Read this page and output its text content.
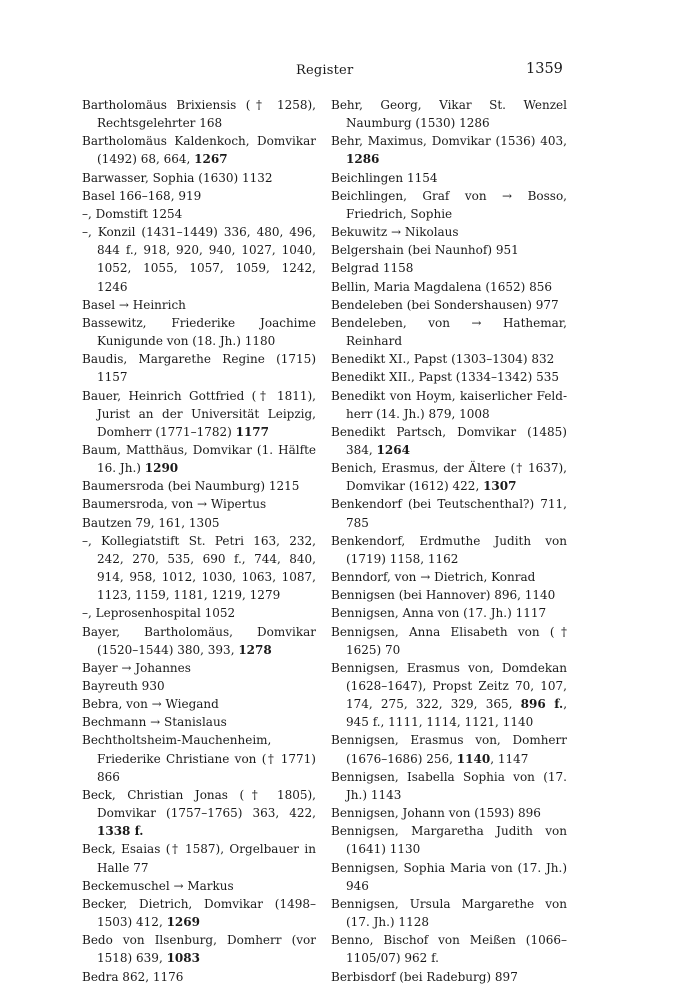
Register	1359
Bartholomäus Brixiensis († 1258), Rechtsgelehrter 168
Bartholomäus Kaldenkoch, Domvikar (1492) 68, 664, 1267
Barwasser, Sophia (1630) 1132
Basel 166–168, 919
–, Domstift 1254
–, Konzil (1431–1449) 336, 480, 496, 844 f., 918, 920, 940, 1027, 1040, 1052, 1055, 1057, 1059, 1242, 1246
Basel → Heinrich
Bassewitz, Friederike Joachime Kunigunde von (18. Jh.) 1180
Baudis, Margarethe Regine (1715) 1157
Bauer, Heinrich Gottfried († 1811), Jurist an der Universität Leipzig, Domherr (1771–1782) 1177
Baum, Matthäus, Domvikar (1. Hälfte 16. Jh.) 1290
Baumersroda (bei Naumburg) 1215
Baumersroda, von → Wipertus
Bautzen 79, 161, 1305
–, Kollegiatstift St. Petri 163, 232, 242, 270, 535, 690 f., 744, 840, 914, 958, 1012, 1030, 1063, 1087, 1123, 1159, 1181, 1219, 1279
–, Leprosenhospital 1052
Bayer, Bartholomäus, Domvikar (1520–1544) 380, 393, 1278
Bayer → Johannes
Bayreuth 930
Bebra, von → Wiegand
Bechmann → Stanislaus
Bechtholtsheim-Mauchenheim, Friederike Christiane von († 1771) 866
Beck, Christian Jonas († 1805), Domvikar (1757–1765) 363, 422, 1338 f.
Beck, Esaias († 1587), Orgelbauer in Halle 77
Beckemuschel → Markus
Becker, Dietrich, Domvikar (1498–1503) 412, 1269
Bedo von Ilsenburg, Domherr (vor 1518) 639, 1083
Bedra 862, 1176
Behr, Georg, Vikar St. Wenzel Naumburg (1530) 1286
Behr, Maximus, Domvikar (1536) 403, 1286
Beichlingen 1154
Beichlingen, Graf von → Bosso, Friedrich, Sophie
Bekuwitz → Nikolaus
Belgershain (bei Naunhof) 951
Belgrad 1158
Bellin, Maria Magdalena (1652) 856
Bendeleben (bei Sondershausen) 977
Bendeleben, von → Hathemar, Reinhard
Benedikt XI., Papst (1303–1304) 832
Benedikt XII., Papst (1334–1342) 535
Benedikt von Hoym, kaiserlicher Feldherr (14. Jh.) 879, 1008
Benedikt Partsch, Domvikar (1485) 384, 1264
Benich, Erasmus, der Ältere († 1637), Domvikar (1612) 422, 1307
Benkendorf (bei Teutschenthal?) 711, 785
Benkendorf, Erdmuthe Judith von (1719) 1158, 1162
Benndorf, von → Dietrich, Konrad
Bennigsen (bei Hannover) 896, 1140
Bennigsen, Anna von (17. Jh.) 1117
Bennigsen, Anna Elisabeth von († 1625) 70
Bennigsen, Erasmus von, Domdekan (1628–1647), Propst Zeitz 70, 107, 174, 275, 322, 329, 365, 896 f., 945 f., 1111, 1114, 1121, 1140
Bennigsen, Erasmus von, Domherr (1676–1686) 256, 1140, 1147
Bennigsen, Isabella Sophia von (17. Jh.) 1143
Bennigsen, Johann von (1593) 896
Bennigsen, Margaretha Judith von (1641) 1130
Bennigsen, Sophia Maria von (17. Jh.) 946
Bennigsen, Ursula Margarethe von (17. Jh.) 1128
Benno, Bischof von Meißen (1066–1105/07) 962 f.
Berbisdorf (bei Radeburg) 897
